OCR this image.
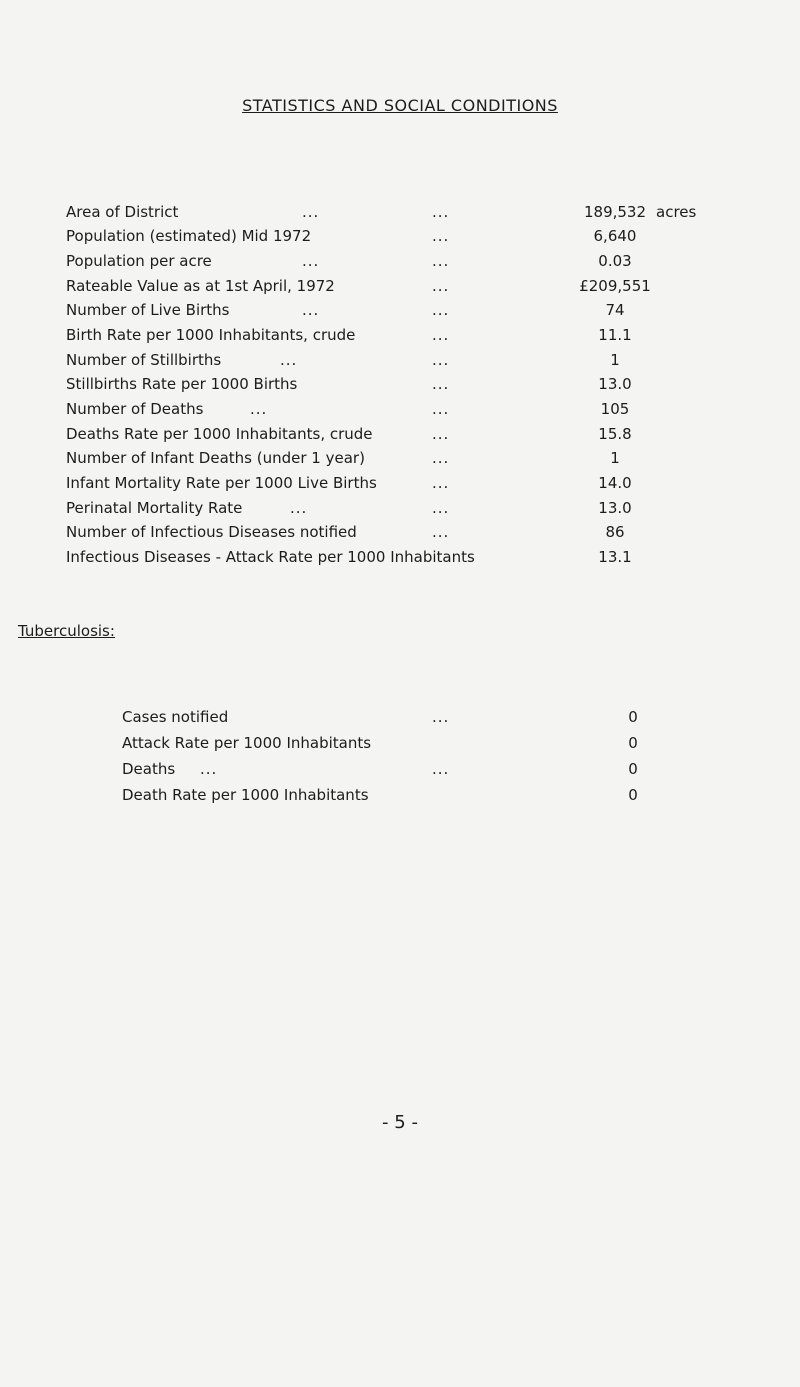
STATISTICS AND SOCIAL CONDITIONS
Area of District	...	...	189,532 acres
Population (estimated) Mid 1972	...	6,640
Population per acre	...	...	0.03
Rateable Value as at 1st April, 1972	...	£209,551
Number of Live Births	...	...	74
Birth Rate per 1000 Inhabitants, crude	...	11.1
Number of Stillbirths	...	...	1
Stillbirths Rate per 1000 Births	...	13.0
Number of Deaths	...	...	105
Deaths Rate per 1000 Inhabitants, crude	...	15.8
Number of Infant Deaths (under 1 year)	...	1
Infant Mortality Rate per 1000 Live Births	...	14.0
Perinatal Mortality Rate	...	...	13.0
Number of Infectious Diseases notified	...	86
Infectious Diseases - Attack Rate per 1000 Inhabitants	13.1
Tuberculosis:
Cases notified	...	0
Attack Rate per 1000 Inhabitants	0
Deaths ...	...	0
Death Rate per 1000 Inhabitants	0
- 5 -
